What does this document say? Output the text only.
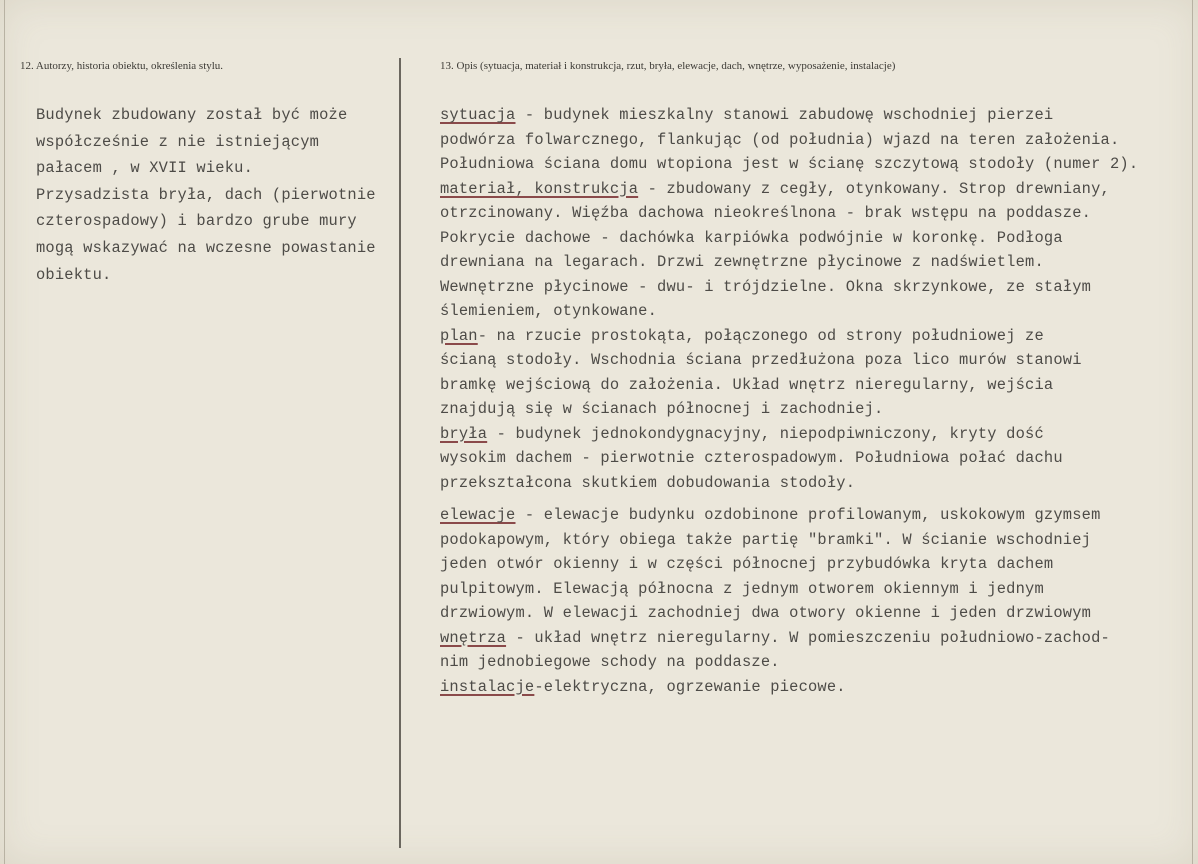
12. Autorzy, historia obiektu, określenia stylu.	13. Opis (sytuacja, materiał i konstrukcja, rzut, bryła, elewacje, dach, wnętrze, wyposażenie, instalacje)
Budynek zbudowany został być może
współcześnie z nie istniejącym
pałacem , w XVII wieku.
Przysadzista bryła, dach (pierwotnie
czterospadowy) i bardzo grube mury
mogą wskazywać na wczesne powastanie
obiektu.
sytuacja - budynek mieszkalny stanowi zabudowę wschodniej pierzei
podwórza folwarcznego, flankując (od południa) wjazd na teren założenia.
Południowa ściana domu wtopiona jest w ścianę szczytową stodoły (numer 2).
materiał, konstrukcja - zbudowany z cegły, otynkowany. Strop drewniany,
otrzcinowany. Więźba dachowa nieokreślnona - brak wstępu na poddasze.
Pokrycie dachowe - dachówka karpiówka podwójnie w koronkę. Podłoga
drewniana na legarach. Drzwi zewnętrzne płycinowe z nadświetlem.
Wewnętrzne płycinowe - dwu- i trójdzielne. Okna skrzynkowe, ze stałym
ślemieniem, otynkowane.
plan- na rzucie prostokąta, połączonego od strony południowej ze
ścianą stodoły. Wschodnia ściana przedłużona poza lico murów stanowi
bramkę wejściową do założenia. Układ wnętrz nieregularny, wejścia
znajdują się w ścianach północnej i zachodniej.
bryła - budynek jednokondygnacyjny, niepodpiwniczony, kryty dość
wysokim dachem - pierwotnie czterospadowym. Południowa połać dachu
przekształcona skutkiem dobudowania stodoły.
elewacje - elewacje budynku ozdobinone profilowanym, uskokowym gzymsem
podokapowym, który obiega także partię "bramki". W ścianie wschodniej
jeden otwór okienny i w części północnej przybudówka kryta dachem
pulpitowym. Elewacją północna z jednym otworem okiennym i jednym
drzwiowym. W elewacji zachodniej dwa otwory okienne i jeden drzwiowym
wnętrza - układ wnętrz nieregularny. W pomieszczeniu południowo-zachod-
nim jednobiegowe schody na poddasze.
instalacje-elektryczna, ogrzewanie piecowe.
